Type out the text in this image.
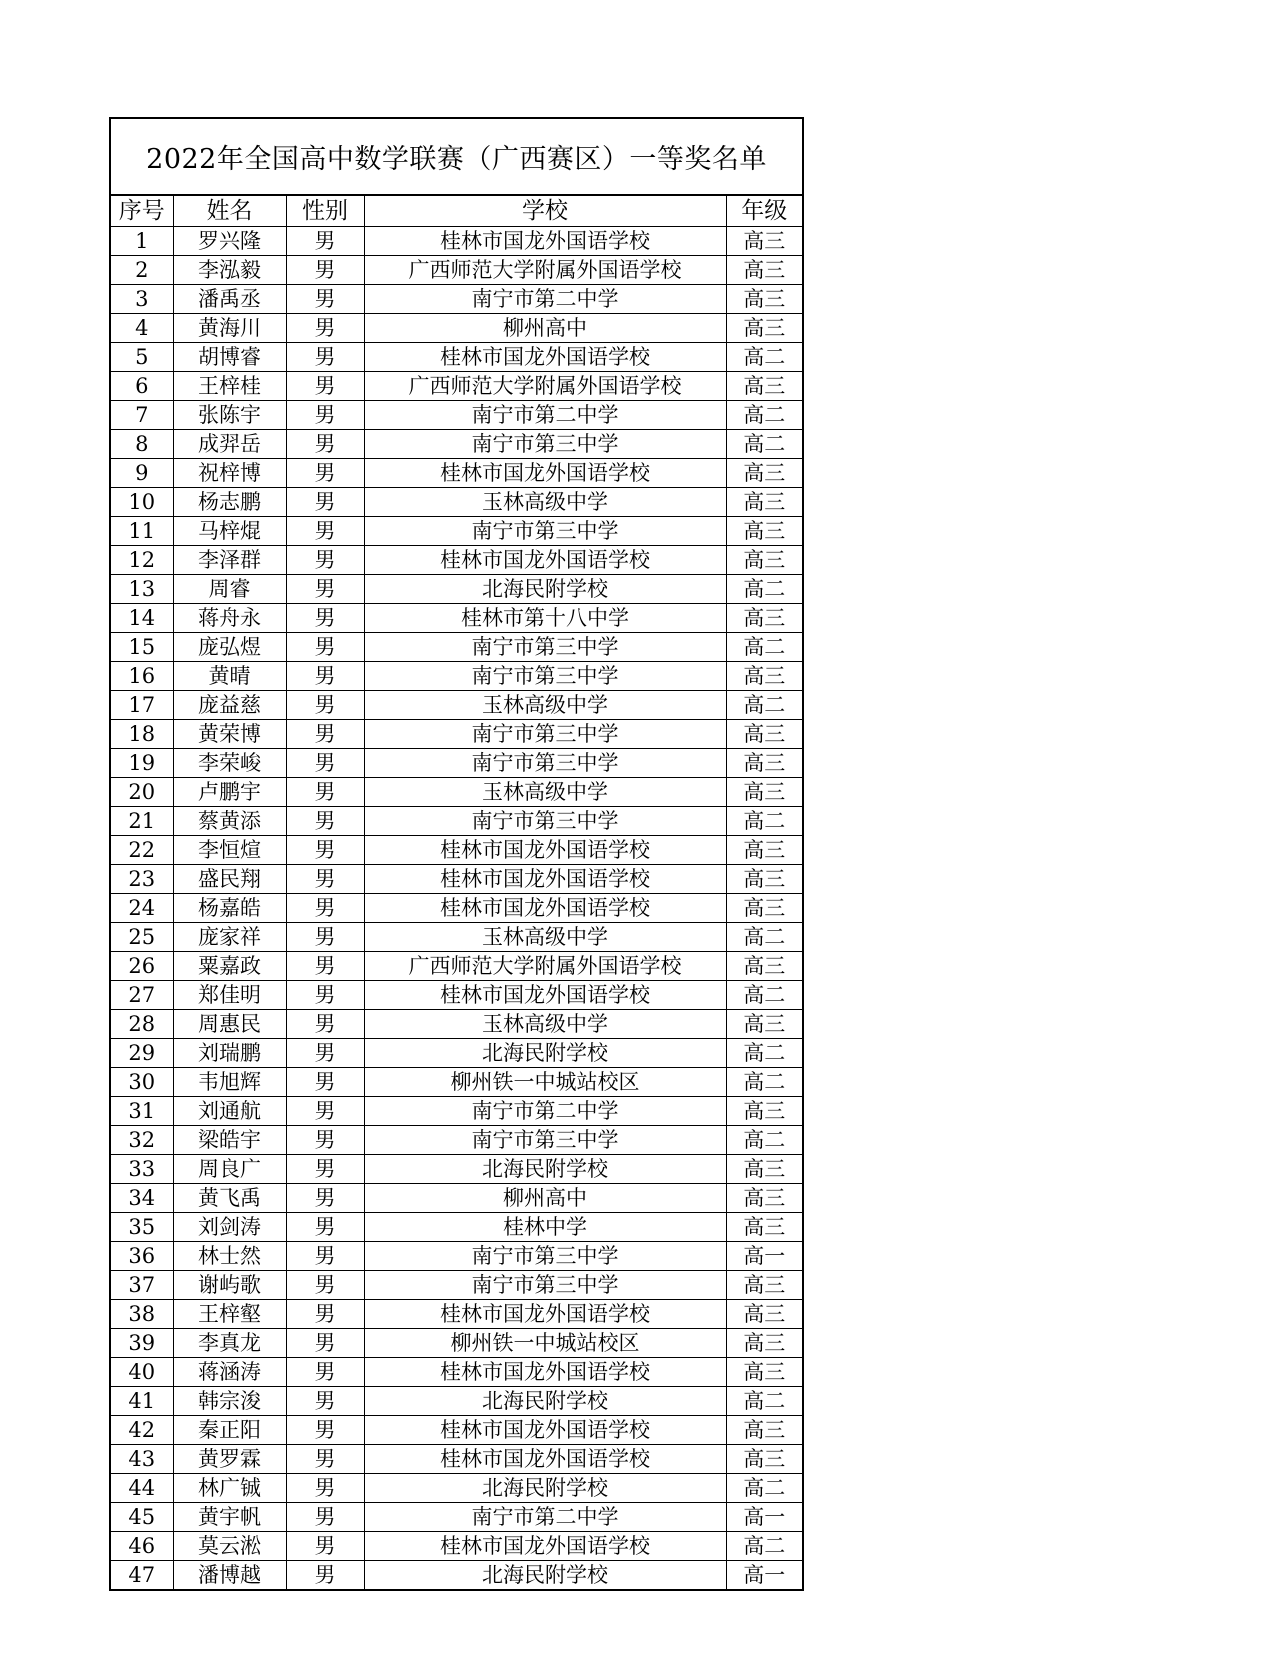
2022年全国高中数学联赛（广西赛区）一等奖名单
序号	姓名	性别	学校	年级
1	罗兴隆	男	桂林市国龙外国语学校	高三
2	李泓毅	男	广西师范大学附属外国语学校	高三
3	潘禹丞	男	南宁市第二中学	高三
4	黄海川	男	柳州高中	高三
5	胡博睿	男	桂林市国龙外国语学校	高二
6	王梓桂	男	广西师范大学附属外国语学校	高三
7	张陈宇	男	南宁市第二中学	高二
8	成羿岳	男	南宁市第三中学	高二
9	祝梓博	男	桂林市国龙外国语学校	高三
10	杨志鹏	男	玉林高级中学	高三
11	马梓焜	男	南宁市第三中学	高三
12	李泽群	男	桂林市国龙外国语学校	高三
13	周睿	男	北海民附学校	高二
14	蒋舟永	男	桂林市第十八中学	高三
15	庞弘煜	男	南宁市第三中学	高二
16	黄晴	男	南宁市第三中学	高三
17	庞益慈	男	玉林高级中学	高二
18	黄荣博	男	南宁市第三中学	高三
19	李荣峻	男	南宁市第三中学	高三
20	卢鹏宇	男	玉林高级中学	高三
21	蔡黄添	男	南宁市第三中学	高二
22	李恒煊	男	桂林市国龙外国语学校	高三
23	盛民翔	男	桂林市国龙外国语学校	高三
24	杨嘉皓	男	桂林市国龙外国语学校	高三
25	庞家祥	男	玉林高级中学	高二
26	粟嘉政	男	广西师范大学附属外国语学校	高三
27	郑佳明	男	桂林市国龙外国语学校	高二
28	周惠民	男	玉林高级中学	高三
29	刘瑞鹏	男	北海民附学校	高二
30	韦旭辉	男	柳州铁一中城站校区	高二
31	刘通航	男	南宁市第二中学	高三
32	梁皓宇	男	南宁市第三中学	高二
33	周良广	男	北海民附学校	高三
34	黄飞禹	男	柳州高中	高三
35	刘剑涛	男	桂林中学	高三
36	林士然	男	南宁市第三中学	高一
37	谢屿歌	男	南宁市第三中学	高三
38	王梓壑	男	桂林市国龙外国语学校	高三
39	李真龙	男	柳州铁一中城站校区	高三
40	蒋涵涛	男	桂林市国龙外国语学校	高三
41	韩宗浚	男	北海民附学校	高二
42	秦正阳	男	桂林市国龙外国语学校	高三
43	黄罗霖	男	桂林市国龙外国语学校	高三
44	林广铖	男	北海民附学校	高二
45	黄宇帆	男	南宁市第二中学	高一
46	莫云淞	男	桂林市国龙外国语学校	高二
47	潘博越	男	北海民附学校	高一
